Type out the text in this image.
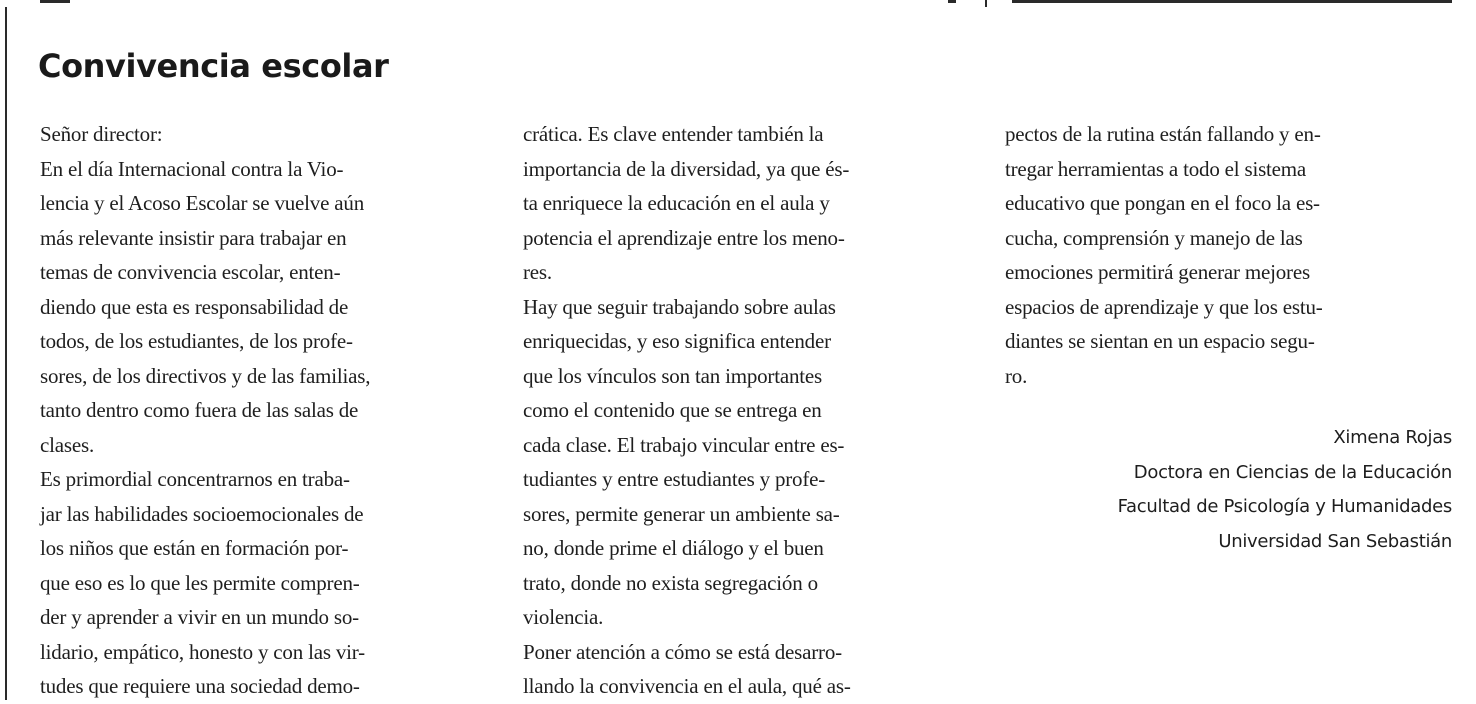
Convivencia escolar
Señor director:
En el día Internacional contra la Vio-
lencia y el Acoso Escolar se vuelve aún
más relevante insistir para trabajar en
temas de convivencia escolar, enten-
diendo que esta es responsabilidad de
todos, de los estudiantes, de los profe-
sores, de los directivos y de las familias,
tanto dentro como fuera de las salas de
clases.
Es primordial concentrarnos en traba-
jar las habilidades socioemocionales de
los niños que están en formación por-
que eso es lo que les permite compren-
der y aprender a vivir en un mundo so-
lidario, empático, honesto y con las vir-
tudes que requiere una sociedad demo-
crática. Es clave entender también la
importancia de la diversidad, ya que és-
ta enriquece la educación en el aula y
potencia el aprendizaje entre los meno-
res.
Hay que seguir trabajando sobre aulas
enriquecidas, y eso significa entender
que los vínculos son tan importantes
como el contenido que se entrega en
cada clase. El trabajo vincular entre es-
tudiantes y entre estudiantes y profe-
sores, permite generar un ambiente sa-
no, donde prime el diálogo y el buen
trato, donde no exista segregación o
violencia.
Poner atención a cómo se está desarro-
llando la convivencia en el aula, qué as-
pectos de la rutina están fallando y en-
tregar herramientas a todo el sistema
educativo que pongan en el foco la es-
cucha, comprensión y manejo de las
emociones permitirá generar mejores
espacios de aprendizaje y que los estu-
diantes se sientan en un espacio segu-
ro.
Ximena Rojas
Doctora en Ciencias de la Educación
Facultad de Psicología y Humanidades
Universidad San Sebastián
